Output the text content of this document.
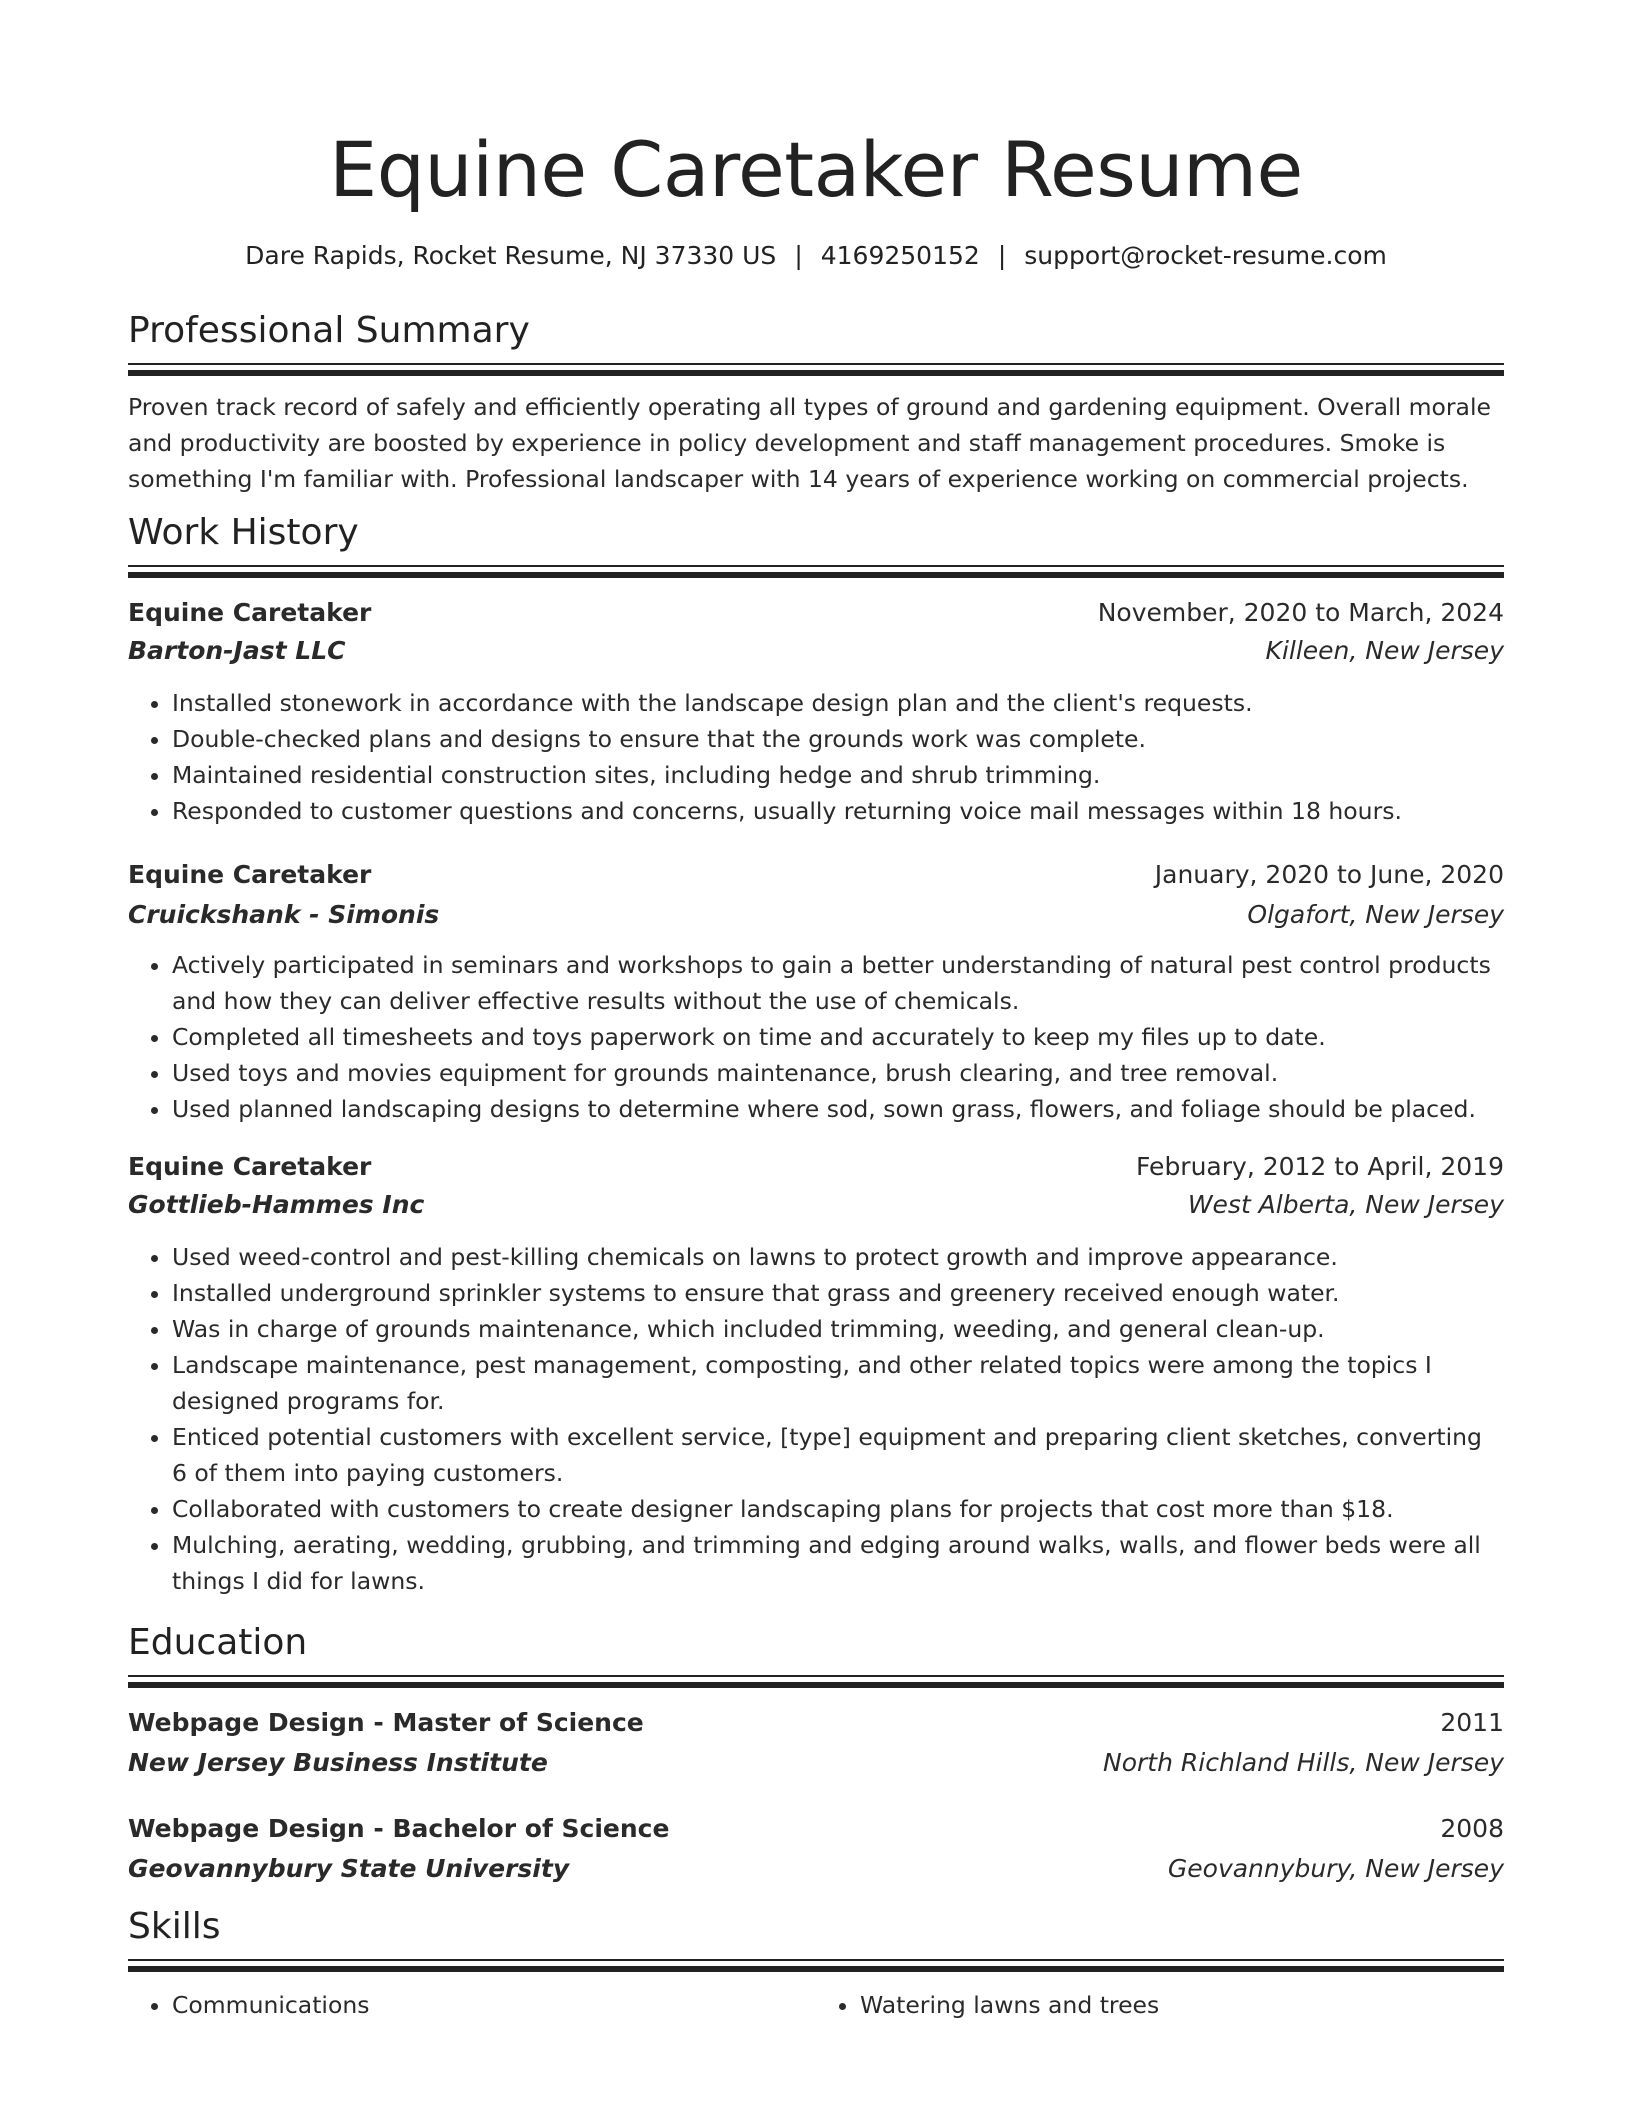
Equine Caretaker Resume
Dare Rapids, Rocket Resume, NJ 37330 US | 4169250152 | support@rocket-resume.com
Professional Summary
Proven track record of safely and efficiently operating all types of ground and gardening equipment. Overall morale and productivity are boosted by experience in policy development and staff management procedures. Smoke is something I'm familiar with. Professional landscaper with 14 years of experience working on commercial projects.
Work History
Equine Caretaker	November, 2020 to March, 2024
Barton-Jast LLC	Killeen, New Jersey
• Installed stonework in accordance with the landscape design plan and the client's requests.
• Double-checked plans and designs to ensure that the grounds work was complete.
• Maintained residential construction sites, including hedge and shrub trimming.
• Responded to customer questions and concerns, usually returning voice mail messages within 18 hours.
Equine Caretaker	January, 2020 to June, 2020
Cruickshank - Simonis	Olgafort, New Jersey
• Actively participated in seminars and workshops to gain a better understanding of natural pest control products and how they can deliver effective results without the use of chemicals.
• Completed all timesheets and toys paperwork on time and accurately to keep my files up to date.
• Used toys and movies equipment for grounds maintenance, brush clearing, and tree removal.
• Used planned landscaping designs to determine where sod, sown grass, flowers, and foliage should be placed.
Equine Caretaker	February, 2012 to April, 2019
Gottlieb-Hammes Inc	West Alberta, New Jersey
• Used weed-control and pest-killing chemicals on lawns to protect growth and improve appearance.
• Installed underground sprinkler systems to ensure that grass and greenery received enough water.
• Was in charge of grounds maintenance, which included trimming, weeding, and general clean-up.
• Landscape maintenance, pest management, composting, and other related topics were among the topics I designed programs for.
• Enticed potential customers with excellent service, [type] equipment and preparing client sketches, converting 6 of them into paying customers.
• Collaborated with customers to create designer landscaping plans for projects that cost more than $18.
• Mulching, aerating, wedding, grubbing, and trimming and edging around walks, walls, and flower beds were all things I did for lawns.
Education
Webpage Design - Master of Science	2011
New Jersey Business Institute	North Richland Hills, New Jersey
Webpage Design - Bachelor of Science	2008
Geovannybury State University	Geovannybury, New Jersey
Skills
• Communications
•	Watering lawns and trees
